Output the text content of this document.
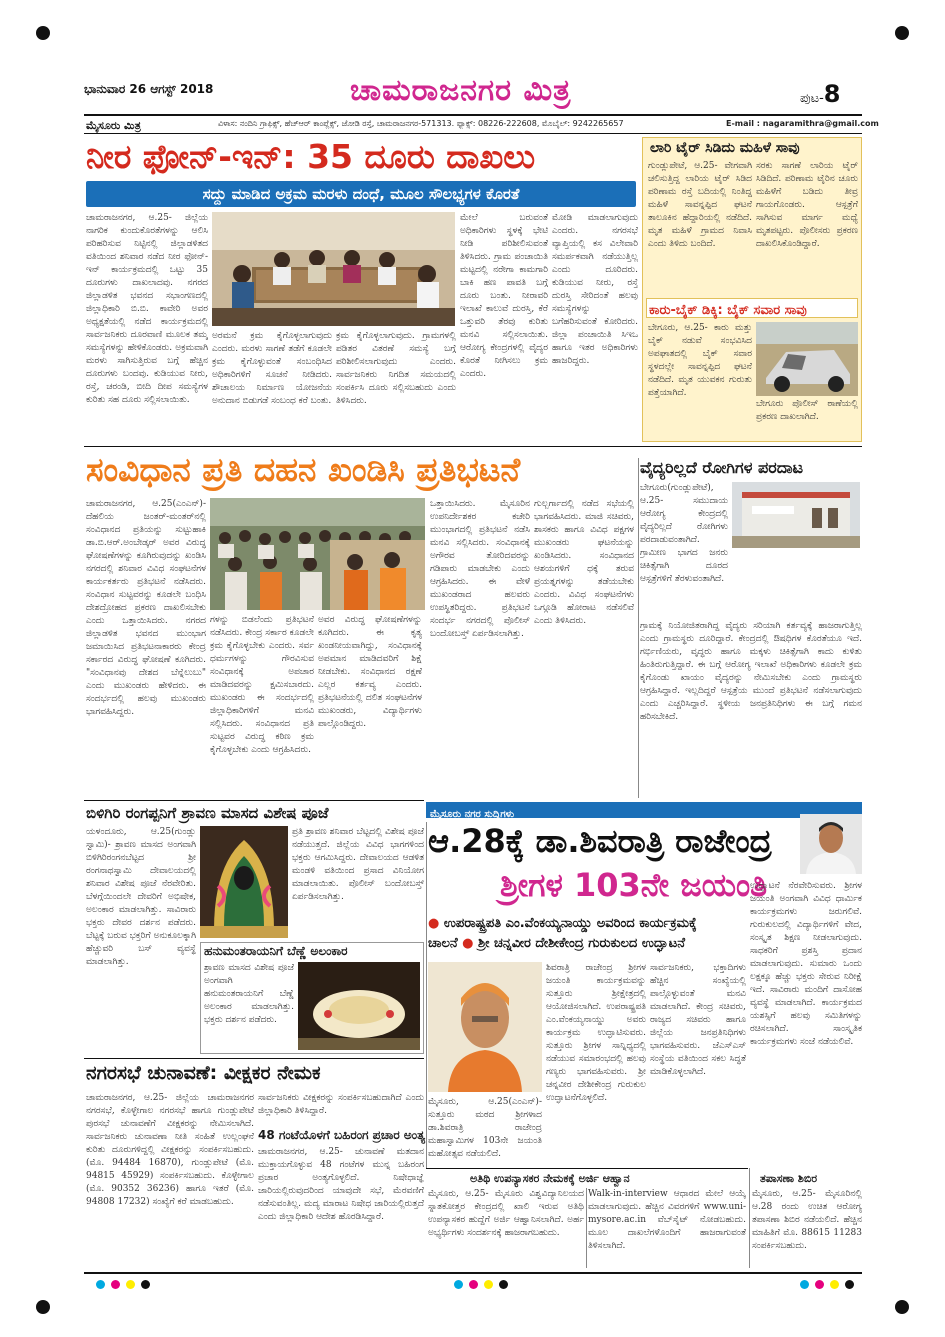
ಭಾನುವಾರ 26 ಆಗಸ್ಟ್ 2018	ಚಾಮರಾಜನಗರ ಮಿತ್ರ	ಪುಟ-8
ಮೈಸೂರು ಮಿತ್ರ	ವಿಳಾಸ: ನಂದಿನಿ ಗ್ರಾಫಿಕ್ಸ್, ಹೆಚ್‌ಆರ್ ಕಾಂಪ್ಲೆಕ್ಸ್, ಜೋಡಿ ರಸ್ತೆ, ಚಾಮರಾಜನಗರ-571313. ಫ್ಯಾಕ್ಸ್: 08226-222608, ಮೊಬೈಲ್: 9242265657	E-mail : nagaramithra@gmail.com
ನೀರ ಫೋನ್-ಇನ್: 35 ದೂರು ದಾಖಲು
ಸದ್ದು ಮಾಡಿದ ಅಕ್ರಮ ಮರಳು ದಂಧೆ, ಮೂಲ ಸೌಲಭ್ಯಗಳ ಕೊರತೆ
ಚಾಮರಾಜನಗರ, ಆ.25- ಜಿಲ್ಲೆಯ ನಾಗರಿಕ ಕುಂದುಕೊರತೆಗಳನ್ನು ಆಲಿಸಿ ಪರಿಹರಿಸುವ ನಿಟ್ಟಿನಲ್ಲಿ ಜಿಲ್ಲಾಡಳಿತದ ವತಿಯಿಂದ ಶನಿವಾರ ನಡೆದ ನೀರ ಫೋನ್-ಇನ್ ಕಾರ್ಯಕ್ರಮದಲ್ಲಿ ಒಟ್ಟು 35 ದೂರುಗಳು ದಾಖಲಾದವು. ನಗರದ ಜಿಲ್ಲಾಡಳಿತ ಭವನದ ಸಭಾಂಗಣದಲ್ಲಿ ಜಿಲ್ಲಾಧಿಕಾರಿ ಬಿ.ಬಿ. ಕಾವೇರಿ ಅವರ ಅಧ್ಯಕ್ಷತೆಯಲ್ಲಿ ನಡೆದ ಕಾರ್ಯಕ್ರಮದಲ್ಲಿ ಸಾರ್ವಜನಿಕರು ದೂರವಾಣಿ ಮೂಲಕ ತಮ್ಮ ಸಮಸ್ಯೆಗಳನ್ನು ಹೇಳಿಕೊಂಡರು. ಅಕ್ರಮವಾಗಿ ಮರಳು ಸಾಗಿಸುತ್ತಿರುವ ಬಗ್ಗೆ ಹೆಚ್ಚಿನ ದೂರುಗಳು ಬಂದವು. ಕುಡಿಯುವ ನೀರು, ರಸ್ತೆ, ಚರಂಡಿ, ಬೀದಿ ದೀಪ ಸಮಸ್ಯೆಗಳ ಕುರಿತು ಸಹ ದೂರು ಸಲ್ಲಿಸಲಾಯಿತು.
ಅರಮನೆ ಕ್ರಮ ಕೈಗೊಳ್ಳಲಾಗುವುದು ಎಂದರು. ಮರಳು ಸಾಗಣೆ ತಡೆಗೆ ಕೂಡಲೇ ಕ್ರಮ ಕೈಗೊಳ್ಳುವಂತೆ ಸಂಬಂಧಿಸಿದ ಅಧಿಕಾರಿಗಳಿಗೆ ಸೂಚನೆ ನೀಡಿದರು. ಶೌಚಾಲಯ ನಿರ್ಮಾಣ ಯೋಜನೆಯ ಅನುದಾನ ಬಿಡುಗಡೆ ಸಂಬಂಧ ಕರೆ ಬಂತು.
ಕ್ರಮ ಕೈಗೊಳ್ಳಲಾಗುವುದು. ಗ್ರಾಮಗಳಲ್ಲಿ ಪಡಿತರ ವಿತರಣೆ ಸಮಸ್ಯೆ ಬಗ್ಗೆ ಪರಿಶೀಲಿಸಲಾಗುವುದು ಎಂದರು. ಸಾರ್ವಜನಿಕರು ನಿಗದಿತ ಸಮಯದಲ್ಲಿ ಸಂಪರ್ಕಿಸಿ ದೂರು ಸಲ್ಲಿಸಬಹುದು ಎಂದು ತಿಳಿಸಿದರು.
ಮೇಲೆ ಬರುವಂತೆ ಅಧಿಕಾರಿಗಳು ಸ್ಥಳಕ್ಕೆ ಭೇಟಿ ನೀಡಿ ಪರಿಶೀಲಿಸುವಂತೆ ತಿಳಿಸಿದರು. ಗ್ರಾಮ ಪಂಚಾಯಿತಿ ಮಟ್ಟದಲ್ಲಿ ನರೇಗಾ ಕಾಮಗಾರಿ ಬಾಕಿ ಹಣ ಪಾವತಿ ಬಗ್ಗೆ ದೂರು ಬಂತು. ನೀರಾವರಿ ಇಲಾಖೆ ಕಾಲುವೆ ದುರಸ್ತಿ, ಕೆರೆ ಒತ್ತುವರಿ ತೆರವು ಕುರಿತು ಮನವಿ ಸಲ್ಲಿಸಲಾಯಿತು. ಆರೋಗ್ಯ ಕೇಂದ್ರಗಳಲ್ಲಿ ವೈದ್ಯರ ಕೊರತೆ ನೀಗಿಸಲು ಕ್ರಮ ಎಂದರು.
ಮೋಡಿ ಮಾಡಲಾಗುವುದು ಎಂದರು. ನಗರಸಭೆ ವ್ಯಾಪ್ತಿಯಲ್ಲಿ ಕಸ ವಿಲೇವಾರಿ ಸಮರ್ಪಕವಾಗಿ ನಡೆಯುತ್ತಿಲ್ಲ ಎಂದು ದೂರಿದರು. ಕುಡಿಯುವ ನೀರು, ರಸ್ತೆ ದುರಸ್ತಿ ಸೇರಿದಂತೆ ಹಲವು ಸಮಸ್ಯೆಗಳನ್ನು ಬಗೆಹರಿಸುವಂತೆ ಕೋರಿದರು. ಜಿಲ್ಲಾ ಪಂಚಾಯಿತಿ ಸಿಇಒ ಹಾಗೂ ಇತರ ಅಧಿಕಾರಿಗಳು ಹಾಜರಿದ್ದರು.
ಲಾರಿ ಟೈರ್ ಸಿಡಿದು ಮಹಿಳೆ ಸಾವು
ಗುಂಡ್ಲುಪೇಟೆ, ಆ.25- ವೇಗವಾಗಿ ಚಲಿಸುತ್ತಿದ್ದ ಲಾರಿಯ ಟೈರ್ ಸಿಡಿದ ಪರಿಣಾಮ ರಸ್ತೆ ಬದಿಯಲ್ಲಿ ನಿಂತಿದ್ದ ಮಹಿಳೆ ಸಾವನ್ನಪ್ಪಿದ ಘಟನೆ ತಾಲೂಕಿನ ಹೆದ್ದಾರಿಯಲ್ಲಿ ನಡೆದಿದೆ. ಮೃತ ಮಹಿಳೆ ಗ್ರಾಮದ ನಿವಾಸಿ ಎಂದು ತಿಳಿದು ಬಂದಿದೆ.
ಸರಕು ಸಾಗಣೆ ಲಾರಿಯ ಟೈರ್ ಸಿಡಿದಿದೆ. ಪರಿಣಾಮ ಟೈರಿನ ಚೂರು ಮಹಿಳೆಗೆ ಬಡಿದು ತೀವ್ರ ಗಾಯಗೊಂಡರು. ಆಸ್ಪತ್ರೆಗೆ ಸಾಗಿಸುವ ಮಾರ್ಗ ಮಧ್ಯೆ ಮೃತಪಟ್ಟರು. ಪೊಲೀಸರು ಪ್ರಕರಣ ದಾಖಲಿಸಿಕೊಂಡಿದ್ದಾರೆ.
ಕಾರು-ಬೈಕ್ ಡಿಕ್ಕಿ: ಬೈಕ್ ಸವಾರ ಸಾವು
ಬೇಗೂರು, ಆ.25- ಕಾರು ಮತ್ತು ಬೈಕ್ ನಡುವೆ ಸಂಭವಿಸಿದ ಅಪಘಾತದಲ್ಲಿ ಬೈಕ್ ಸವಾರ ಸ್ಥಳದಲ್ಲೇ ಸಾವನ್ನಪ್ಪಿದ ಘಟನೆ ನಡೆದಿದೆ. ಮೃತ ಯುವಕನ ಗುರುತು ಪತ್ತೆಯಾಗಿದೆ.
ಬೇಗೂರು ಪೊಲೀಸ್ ಠಾಣೆಯಲ್ಲಿ ಪ್ರಕರಣ ದಾಖಲಾಗಿದೆ.
ಸಂವಿಧಾನ ಪ್ರತಿ ದಹನ ಖಂಡಿಸಿ ಪ್ರತಿಭಟನೆ
ಚಾಮರಾಜನಗರ, ಆ.25(ಎಂಎನ್)- ದೆಹಲಿಯ ಜಂತರ್-ಮಂತರ್‌ನಲ್ಲಿ ಸಂವಿಧಾನದ ಪ್ರತಿಯನ್ನು ಸುಟ್ಟುಹಾಕಿ ಡಾ.ಬಿ.ಆರ್.ಅಂಬೇಡ್ಕರ್ ಅವರ ವಿರುದ್ಧ ಘೋಷಣೆಗಳನ್ನು ಕೂಗಿರುವುದನ್ನು ಖಂಡಿಸಿ ನಗರದಲ್ಲಿ ಶನಿವಾರ ವಿವಿಧ ಸಂಘಟನೆಗಳ ಕಾರ್ಯಕರ್ತರು ಪ್ರತಿಭಟನೆ ನಡೆಸಿದರು. ಸಂವಿಧಾನ ಸುಟ್ಟವರನ್ನು ಕೂಡಲೇ ಬಂಧಿಸಿ ದೇಶದ್ರೋಹದ ಪ್ರಕರಣ ದಾಖಲಿಸಬೇಕು ಎಂದು ಒತ್ತಾಯಿಸಿದರು. ನಗರದ ಜಿಲ್ಲಾಡಳಿತ ಭವನದ ಮುಂಭಾಗ ಜಮಾಯಿಸಿದ ಪ್ರತಿಭಟನಾಕಾರರು ಕೇಂದ್ರ ಸರ್ಕಾರದ ವಿರುದ್ಧ ಘೋಷಣೆ ಕೂಗಿದರು. "ಸಂವಿಧಾನವು ದೇಶದ ಬೆನ್ನೆಲುಬು" ಎಂದು ಮುಖಂಡರು ಹೇಳಿದರು. ಈ ಸಂದರ್ಭದಲ್ಲಿ ಹಲವು ಮುಖಂಡರು ಭಾಗವಹಿಸಿದ್ದರು.
ಗಳನ್ನು ಬಿಡಲೆಂದು ಪ್ರತಿಭಟನೆ ನಡೆಸಿದರು. ಕೇಂದ್ರ ಸರ್ಕಾರ ಕೂಡಲೇ ಕ್ರಮ ಕೈಗೊಳ್ಳಬೇಕು ಎಂದರು. ಸರ್ವ ಧರ್ಮಗಳನ್ನು ಗೌರವಿಸುವ ಸಂವಿಧಾನಕ್ಕೆ ಅಪಚಾರ ಮಾಡಿದವರನ್ನು ಕ್ಷಮಿಸಬಾರದು. ಮುಖಂಡರು ಈ ಸಂದರ್ಭದಲ್ಲಿ ಜಿಲ್ಲಾಧಿಕಾರಿಗಳಿಗೆ ಮನವಿ ಸಲ್ಲಿಸಿದರು. ಸಂವಿಧಾನದ ಪ್ರತಿ ಸುಟ್ಟವರ ವಿರುದ್ಧ ಕಠಿಣ ಕ್ರಮ ಕೈಗೊಳ್ಳಬೇಕು ಎಂದು ಆಗ್ರಹಿಸಿದರು.
ಅವರ ವಿರುದ್ಧ ಘೋಷಣೆಗಳನ್ನು ಕೂಗಿದರು. ಈ ಕೃತ್ಯ ಖಂಡನೀಯವಾಗಿದ್ದು, ಸಂವಿಧಾನಕ್ಕೆ ಅಪಮಾನ ಮಾಡಿದವರಿಗೆ ಶಿಕ್ಷೆ ನೀಡಬೇಕು. ಸಂವಿಧಾನದ ರಕ್ಷಣೆ ಎಲ್ಲರ ಕರ್ತವ್ಯ ಎಂದರು. ಪ್ರತಿಭಟನೆಯಲ್ಲಿ ದಲಿತ ಸಂಘಟನೆಗಳ ಮುಖಂಡರು, ವಿದ್ಯಾರ್ಥಿಗಳು ಪಾಲ್ಗೊಂಡಿದ್ದರು.
ಒತ್ತಾಯಿಸಿದರು. ಮೈಸೂರಿನ ಉಪನಿರ್ದೇಶಕರ ಕಚೇರಿ ಮುಂಭಾಗದಲ್ಲಿ ಪ್ರತಿಭಟನೆ ನಡೆಸಿ ಮನವಿ ಸಲ್ಲಿಸಿದರು. ಸಂವಿಧಾನಕ್ಕೆ ಅಗೌರವ ತೋರಿದವರನ್ನು ಗಡಿಪಾರು ಮಾಡಬೇಕು ಎಂದು ಆಗ್ರಹಿಸಿದರು. ಈ ವೇಳೆ ಮುಖಂಡರಾದ ಹಲವರು ಉಪಸ್ಥಿತರಿದ್ದರು. ಪ್ರತಿಭಟನೆ ಸಂದರ್ಭ ನಗರದಲ್ಲಿ ಪೊಲೀಸ್ ಬಂದೋಬಸ್ತ್ ಏರ್ಪಡಿಸಲಾಗಿತ್ತು.
ಗುಲ್ಬರ್ಗಾದಲ್ಲಿ ನಡೆದ ಸಭೆಯಲ್ಲಿ ಭಾಗವಹಿಸಿದರು. ಮಾಜಿ ಸಚಿವರು, ಶಾಸಕರು ಹಾಗೂ ವಿವಿಧ ಪಕ್ಷಗಳ ಮುಖಂಡರು ಘಟನೆಯನ್ನು ಖಂಡಿಸಿದರು. ಸಂವಿಧಾನದ ಆಶಯಗಳಿಗೆ ಧಕ್ಕೆ ತರುವ ಪ್ರಯತ್ನಗಳನ್ನು ತಡೆಯಬೇಕು ಎಂದರು. ವಿವಿಧ ಸಂಘಟನೆಗಳು ಒಗ್ಗೂಡಿ ಹೋರಾಟ ನಡೆಸಲಿವೆ ಎಂದು ತಿಳಿಸಿದರು.
ವೈದ್ಯರಿಲ್ಲದೆ ರೋಗಿಗಳ ಪರದಾಟ
ಬೇಗೂರು(ಗುಂಡ್ಲುಪೇಟೆ), ಆ.25- ಸಮುದಾಯ ಆರೋಗ್ಯ ಕೇಂದ್ರದಲ್ಲಿ ವೈದ್ಯರಿಲ್ಲದೆ ರೋಗಿಗಳು ಪರದಾಡುವಂತಾಗಿದೆ. ಗ್ರಾಮೀಣ ಭಾಗದ ಜನರು ಚಿಕಿತ್ಸೆಗಾಗಿ ದೂರದ ಆಸ್ಪತ್ರೆಗಳಿಗೆ ತೆರಳುವಂತಾಗಿದೆ.
ಗ್ರಾಮಕ್ಕೆ ನಿಯೋಜಿತರಾಗಿದ್ದ ವೈದ್ಯರು ಸರಿಯಾಗಿ ಕರ್ತವ್ಯಕ್ಕೆ ಹಾಜರಾಗುತ್ತಿಲ್ಲ ಎಂದು ಗ್ರಾಮಸ್ಥರು ದೂರಿದ್ದಾರೆ. ಕೇಂದ್ರದಲ್ಲಿ ಔಷಧಿಗಳ ಕೊರತೆಯೂ ಇದೆ. ಗರ್ಭಿಣಿಯರು, ವೃದ್ಧರು ಹಾಗೂ ಮಕ್ಕಳು ಚಿಕಿತ್ಸೆಗಾಗಿ ಕಾದು ಕುಳಿತು ಹಿಂತಿರುಗುತ್ತಿದ್ದಾರೆ. ಈ ಬಗ್ಗೆ ಆರೋಗ್ಯ ಇಲಾಖೆ ಅಧಿಕಾರಿಗಳು ಕೂಡಲೇ ಕ್ರಮ ಕೈಗೊಂಡು ಖಾಯಂ ವೈದ್ಯರನ್ನು ನೇಮಿಸಬೇಕು ಎಂದು ಗ್ರಾಮಸ್ಥರು ಆಗ್ರಹಿಸಿದ್ದಾರೆ. ಇಲ್ಲದಿದ್ದರೆ ಆಸ್ಪತ್ರೆಯ ಮುಂದೆ ಪ್ರತಿಭಟನೆ ನಡೆಸಲಾಗುವುದು ಎಂದು ಎಚ್ಚರಿಸಿದ್ದಾರೆ. ಸ್ಥಳೀಯ ಜನಪ್ರತಿನಿಧಿಗಳು ಈ ಬಗ್ಗೆ ಗಮನ ಹರಿಸಬೇಕಿದೆ.
ಮೈಸೂರು ನಗರ ಸುದ್ದಿಗಳು
ಆ.28ಕ್ಕೆ ಡಾ.ಶಿವರಾತ್ರಿ ರಾಜೇಂದ್ರ
ಶ್ರೀಗಳ 103ನೇ ಜಯಂತಿ
● ಉಪರಾಷ್ಟ್ರಪತಿ ಎಂ.ವೆಂಕಯ್ಯನಾಯ್ಡು ಅವರಿಂದ ಕಾರ್ಯಕ್ರಮಕ್ಕೆ
ಚಾಲನೆ ● ಶ್ರೀ ಚನ್ನವೀರ ದೇಶೀಕೇಂದ್ರ ಗುರುಕುಲದ ಉದ್ಘಾಟನೆ
ಮೈಸೂರು, ಆ.25(ಎಂಎನ್)- ಸುತ್ತೂರು ಮಠದ ಶ್ರೀಗಳಾದ ಡಾ.ಶಿವರಾತ್ರಿ ರಾಜೇಂದ್ರ ಮಹಾಸ್ವಾಮಿಗಳ 103ನೇ ಜಯಂತಿ ಮಹೋತ್ಸವ ನಡೆಯಲಿದೆ.
ಶಿವರಾತ್ರಿ ರಾಜೇಂದ್ರ ಶ್ರೀಗಳ ಜಯಂತಿ ಕಾರ್ಯಕ್ರಮವನ್ನು ಸುತ್ತೂರು ಶ್ರೀಕ್ಷೇತ್ರದಲ್ಲಿ ಆಯೋಜಿಸಲಾಗಿದೆ. ಉಪರಾಷ್ಟ್ರಪತಿ ಎಂ.ವೆಂಕಯ್ಯನಾಯ್ಡು ಅವರು ಕಾರ್ಯಕ್ರಮ ಉದ್ಘಾಟಿಸುವರು. ಸುತ್ತೂರು ಶ್ರೀಗಳ ಸಾನ್ನಿಧ್ಯದಲ್ಲಿ ನಡೆಯುವ ಸಮಾರಂಭದಲ್ಲಿ ಹಲವು ಗಣ್ಯರು ಭಾಗವಹಿಸುವರು. ಶ್ರೀ ಚನ್ನವೀರ ದೇಶೀಕೇಂದ್ರ ಗುರುಕುಲ ಉದ್ಘಾಟನೆಗೊಳ್ಳಲಿದೆ.
ಸಾರ್ವಜನಿಕರು, ಭಕ್ತಾದಿಗಳು ಹೆಚ್ಚಿನ ಸಂಖ್ಯೆಯಲ್ಲಿ ಪಾಲ್ಗೊಳ್ಳುವಂತೆ ಮನವಿ ಮಾಡಲಾಗಿದೆ. ಕೇಂದ್ರ ಸಚಿವರು, ರಾಜ್ಯದ ಸಚಿವರು ಹಾಗೂ ಜಿಲ್ಲೆಯ ಜನಪ್ರತಿನಿಧಿಗಳು ಭಾಗವಹಿಸುವರು. ಜೆಎಸ್‌ಎಸ್ ಸಂಸ್ಥೆಯ ವತಿಯಿಂದ ಸಕಲ ಸಿದ್ಧತೆ ಮಾಡಿಕೊಳ್ಳಲಾಗಿದೆ.
ಉದ್ಘಾಟನೆ ನೆರವೇರಿಸುವರು. ಶ್ರೀಗಳ ಜಯಂತಿ ಅಂಗವಾಗಿ ವಿವಿಧ ಧಾರ್ಮಿಕ ಕಾರ್ಯಕ್ರಮಗಳು ಜರುಗಲಿವೆ. ಗುರುಕುಲದಲ್ಲಿ ವಿದ್ಯಾರ್ಥಿಗಳಿಗೆ ವೇದ, ಸಂಸ್ಕೃತ ಶಿಕ್ಷಣ ನೀಡಲಾಗುವುದು. ಸಾಧಕರಿಗೆ ಪ್ರಶಸ್ತಿ ಪ್ರದಾನ ಮಾಡಲಾಗುವುದು. ಸುಮಾರು ಒಂದು ಲಕ್ಷಕ್ಕೂ ಹೆಚ್ಚು ಭಕ್ತರು ಸೇರುವ ನಿರೀಕ್ಷೆ ಇದೆ. ಸಾವಿರಾರು ಮಂದಿಗೆ ದಾಸೋಹ ವ್ಯವಸ್ಥೆ ಮಾಡಲಾಗಿದೆ. ಕಾರ್ಯಕ್ರಮದ ಯಶಸ್ಸಿಗೆ ಹಲವು ಸಮಿತಿಗಳನ್ನು ರಚಿಸಲಾಗಿದೆ. ಸಾಂಸ್ಕೃತಿಕ ಕಾರ್ಯಕ್ರಮಗಳು ಸಂಜೆ ನಡೆಯಲಿವೆ.
ಬಿಳಿಗಿರಿ ರಂಗಪ್ಪನಿಗೆ ಶ್ರಾವಣ ಮಾಸದ ವಿಶೇಷ ಪೂಜೆ
ಯಳಂದೂರು, ಆ.25(ಗುಂಡ್ಲು ಸ್ವಾಮಿ)- ಶ್ರಾವಣ ಮಾಸದ ಅಂಗವಾಗಿ ಬಿಳಿಗಿರಿರಂಗನಬೆಟ್ಟದ ಶ್ರೀ ರಂಗನಾಥಸ್ವಾಮಿ ದೇವಾಲಯದಲ್ಲಿ ಶನಿವಾರ ವಿಶೇಷ ಪೂಜೆ ನೆರವೇರಿತು. ಬೆಳಗ್ಗೆಯಿಂದಲೇ ದೇವರಿಗೆ ಅಭಿಷೇಕ, ಅಲಂಕಾರ ಮಾಡಲಾಗಿತ್ತು. ಸಾವಿರಾರು ಭಕ್ತರು ದೇವರ ದರ್ಶನ ಪಡೆದರು. ಬೆಟ್ಟಕ್ಕೆ ಬರುವ ಭಕ್ತರಿಗೆ ಅನುಕೂಲಕ್ಕಾಗಿ ಹೆಚ್ಚುವರಿ ಬಸ್ ವ್ಯವಸ್ಥೆ ಮಾಡಲಾಗಿತ್ತು.
ಪ್ರತಿ ಶ್ರಾವಣ ಶನಿವಾರ ಬೆಟ್ಟದಲ್ಲಿ ವಿಶೇಷ ಪೂಜೆ ನಡೆಯುತ್ತದೆ. ಜಿಲ್ಲೆಯ ವಿವಿಧ ಭಾಗಗಳಿಂದ ಭಕ್ತರು ಆಗಮಿಸಿದ್ದರು. ದೇವಾಲಯದ ಆಡಳಿತ ಮಂಡಳಿ ವತಿಯಿಂದ ಪ್ರಸಾದ ವಿನಿಯೋಗ ಮಾಡಲಾಯಿತು. ಪೊಲೀಸ್ ಬಂದೋಬಸ್ತ್ ಏರ್ಪಡಿಸಲಾಗಿತ್ತು.
ಹನುಮಂತರಾಯನಿಗೆ ಬೆಣ್ಣೆ ಅಲಂಕಾರ
ಶ್ರಾವಣ ಮಾಸದ ವಿಶೇಷ ಪೂಜೆ ಅಂಗವಾಗಿ ಹನುಮಂತರಾಯನಿಗೆ ಬೆಣ್ಣೆ ಅಲಂಕಾರ ಮಾಡಲಾಗಿತ್ತು. ಭಕ್ತರು ದರ್ಶನ ಪಡೆದರು.
ನಗರಸಭೆ ಚುನಾವಣೆ: ವೀಕ್ಷಕರ ನೇಮಕ
ಚಾಮರಾಜನಗರ, ಆ.25- ಜಿಲ್ಲೆಯ ಚಾಮರಾಜನಗರ ನಗರಸಭೆ, ಕೊಳ್ಳೇಗಾಲ ನಗರಸಭೆ ಹಾಗೂ ಗುಂಡ್ಲುಪೇಟೆ ಪುರಸಭೆ ಚುನಾವಣೆಗೆ ವೀಕ್ಷಕರನ್ನು ನೇಮಿಸಲಾಗಿದೆ. ಸಾರ್ವಜನಿಕರು ಚುನಾವಣಾ ನೀತಿ ಸಂಹಿತೆ ಉಲ್ಲಂಘನೆ ಕುರಿತು ದೂರುಗಳಿದ್ದಲ್ಲಿ ವೀಕ್ಷಕರನ್ನು ಸಂಪರ್ಕಿಸಬಹುದು. (ಮೊ. 94484 16870), ಗುಂಡ್ಲುಪೇಟೆ (ಮೊ. 94815 45929) ಸಂಪರ್ಕಿಸಬಹುದು. ಕೊಳ್ಳೇಗಾಲ (ಮೊ. 90352 36236) ಹಾಗೂ ಇತರೆ (ಮೊ. 94808 17232) ಸಂಖ್ಯೆಗೆ ಕರೆ ಮಾಡಬಹುದು.
ಸಾರ್ವಜನಿಕರು ವೀಕ್ಷಕರನ್ನು ಸಂಪರ್ಕಿಸಬಹುದಾಗಿದೆ ಎಂದು ಜಿಲ್ಲಾಧಿಕಾರಿ ತಿಳಿಸಿದ್ದಾರೆ.
48 ಗಂಟೆಯೊಳಗೆ ಬಹಿರಂಗ ಪ್ರಚಾರ ಅಂತ್ಯ
ಚಾಮರಾಜನಗರ, ಆ.25- ಚುನಾವಣೆ ಮತದಾನ ಮುಕ್ತಾಯಗೊಳ್ಳುವ 48 ಗಂಟೆಗಳ ಮುನ್ನ ಬಹಿರಂಗ ಪ್ರಚಾರ ಅಂತ್ಯಗೊಳ್ಳಲಿದೆ. ನಿಷೇಧಾಜ್ಞೆ ಜಾರಿಯಲ್ಲಿರುವುದರಿಂದ ಯಾವುದೇ ಸಭೆ, ಮೆರವಣಿಗೆ ನಡೆಸುವಂತಿಲ್ಲ. ಮದ್ಯ ಮಾರಾಟ ನಿಷೇಧ ಜಾರಿಯಲ್ಲಿರುತ್ತದೆ ಎಂದು ಜಿಲ್ಲಾಧಿಕಾರಿ ಆದೇಶ ಹೊರಡಿಸಿದ್ದಾರೆ.
ಅತಿಥಿ ಉಪನ್ಯಾಸಕರ ನೇಮಕಕ್ಕೆ ಅರ್ಜಿ ಆಹ್ವಾನ
ಮೈಸೂರು, ಆ.25- ಮೈಸೂರು ವಿಶ್ವವಿದ್ಯಾನಿಲಯದ ಸ್ನಾತಕೋತ್ತರ ಕೇಂದ್ರದಲ್ಲಿ ಖಾಲಿ ಇರುವ ಅತಿಥಿ ಉಪನ್ಯಾಸಕರ ಹುದ್ದೆಗೆ ಅರ್ಜಿ ಆಹ್ವಾನಿಸಲಾಗಿದೆ. ಅರ್ಹ ಅಭ್ಯರ್ಥಿಗಳು ಸಂದರ್ಶನಕ್ಕೆ ಹಾಜರಾಗಬಹುದು.
Walk-in-interview ಆಧಾರದ ಮೇಲೆ ಆಯ್ಕೆ ಮಾಡಲಾಗುವುದು. ಹೆಚ್ಚಿನ ವಿವರಗಳಿಗೆ www.uni-mysore.ac.in ವೆಬ್‌ಸೈಟ್ ನೋಡಬಹುದು. ಮೂಲ ದಾಖಲೆಗಳೊಂದಿಗೆ ಹಾಜರಾಗುವಂತೆ ತಿಳಿಸಲಾಗಿದೆ.
ತಪಾಸಣಾ ಶಿಬಿರ
ಮೈಸೂರು, ಆ.25- ಮೈಸೂರಿನಲ್ಲಿ ಆ.28 ರಂದು ಉಚಿತ ಆರೋಗ್ಯ ತಪಾಸಣಾ ಶಿಬಿರ ನಡೆಯಲಿದೆ. ಹೆಚ್ಚಿನ ಮಾಹಿತಿಗೆ ಮೊ. 88615 11283 ಸಂಪರ್ಕಿಸಬಹುದು.
